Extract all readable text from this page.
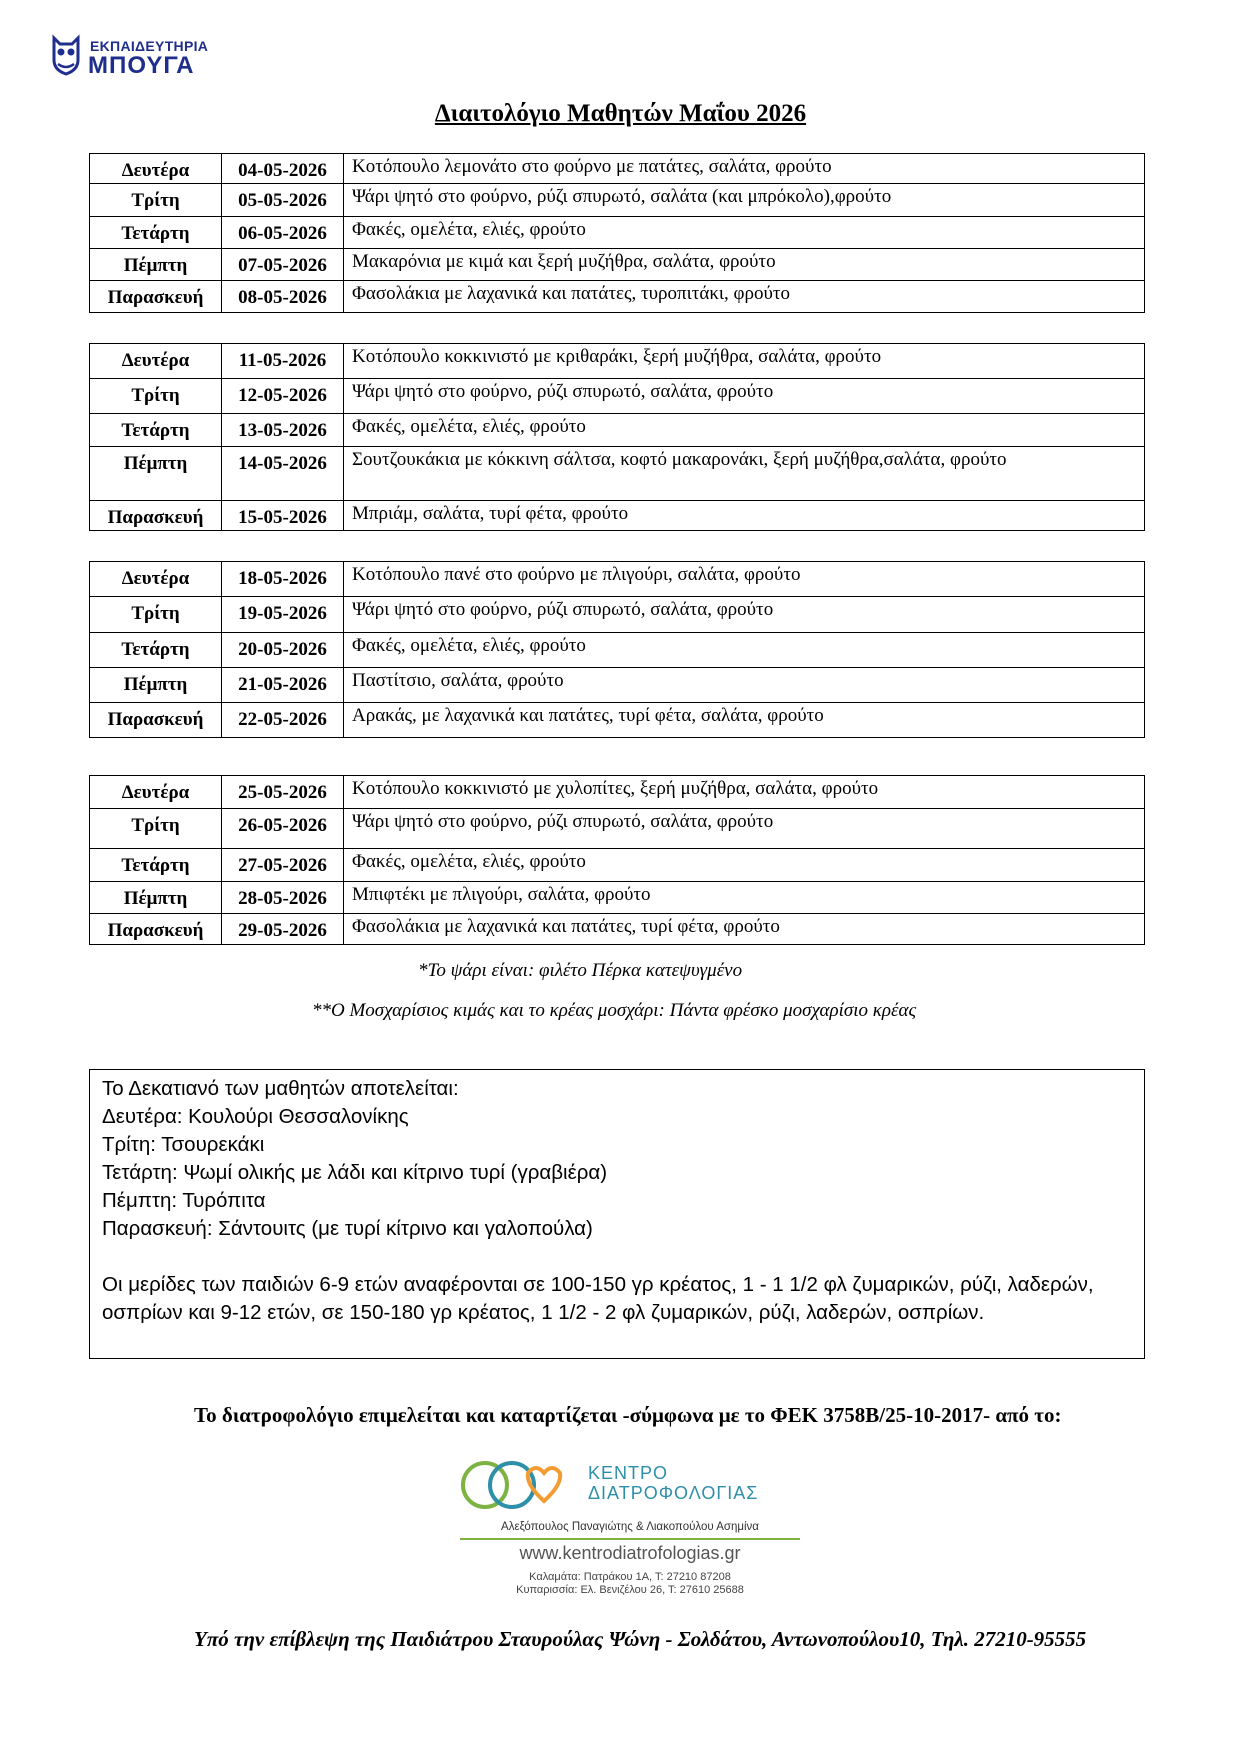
ΕΚΠΑΙΔΕΥΤΗΡΙΑ
ΜΠΟΥΓΑ
Διαιτολόγιο Μαθητών Μαΐου 2026
Δευτέρα	04-05-2026	Κοτόπουλο λεμονάτο στο φούρνο με πατάτες, σαλάτα, φρούτο
Τρίτη	05-05-2026	Ψάρι ψητό στο φούρνο, ρύζι σπυρωτό, σαλάτα (και μπρόκολο),φρούτο
Τετάρτη	06-05-2026	Φακές, ομελέτα, ελιές, φρούτο
Πέμπτη	07-05-2026	Μακαρόνια με κιμά και ξερή μυζήθρα, σαλάτα, φρούτο
Παρασκευή	08-05-2026	Φασολάκια με λαχανικά και πατάτες, τυροπιτάκι, φρούτο
Δευτέρα	11-05-2026	Κοτόπουλο κοκκινιστό με κριθαράκι, ξερή μυζήθρα, σαλάτα, φρούτο
Τρίτη	12-05-2026	Ψάρι ψητό στο φούρνο, ρύζι σπυρωτό, σαλάτα, φρούτο
Τετάρτη	13-05-2026	Φακές, ομελέτα, ελιές, φρούτο
Πέμπτη	14-05-2026	Σουτζουκάκια με κόκκινη σάλτσα, κοφτό μακαρονάκι, ξερή μυζήθρα,σαλάτα, φρούτο
Παρασκευή	15-05-2026	Μπριάμ, σαλάτα, τυρί φέτα, φρούτο
Δευτέρα	18-05-2026	Κοτόπουλο πανέ στο φούρνο με πλιγούρι, σαλάτα, φρούτο
Τρίτη	19-05-2026	Ψάρι ψητό στο φούρνο, ρύζι σπυρωτό, σαλάτα, φρούτο
Τετάρτη	20-05-2026	Φακές, ομελέτα, ελιές, φρούτο
Πέμπτη	21-05-2026	Παστίτσιο, σαλάτα, φρούτο
Παρασκευή	22-05-2026	Αρακάς, με λαχανικά και πατάτες, τυρί φέτα, σαλάτα, φρούτο
Δευτέρα	25-05-2026	Κοτόπουλο κοκκινιστό με χυλοπίτες, ξερή μυζήθρα, σαλάτα, φρούτο
Τρίτη	26-05-2026	Ψάρι ψητό στο φούρνο, ρύζι σπυρωτό, σαλάτα, φρούτο
Τετάρτη	27-05-2026	Φακές, ομελέτα, ελιές, φρούτο
Πέμπτη	28-05-2026	Μπιφτέκι με πλιγούρι, σαλάτα, φρούτο
Παρασκευή	29-05-2026	Φασολάκια με λαχανικά και πατάτες, τυρί φέτα, φρούτο
*Το ψάρι είναι: φιλέτο Πέρκα κατεψυγμένο
**Ο Μοσχαρίσιος κιμάς και το κρέας μοσχάρι: Πάντα φρέσκο μοσχαρίσιο κρέας
Το Δεκατιανό των μαθητών αποτελείται:
Δευτέρα: Κουλούρι Θεσσαλονίκης
Τρίτη: Τσουρεκάκι
Τετάρτη: Ψωμί ολικής με λάδι και κίτρινο τυρί (γραβιέρα)
Πέμπτη: Τυρόπιτα
Παρασκευή: Σάντουιτς (με τυρί κίτρινο και γαλοπούλα)
Οι μερίδες των παιδιών 6-9 ετών αναφέρονται σε 100-150 γρ κρέατος, 1 - 1 1/2 φλ ζυμαρικών, ρύζι, λαδερών, οσπρίων και 9-12 ετών, σε 150-180 γρ κρέατος, 1 1/2 - 2 φλ ζυμαρικών, ρύζι, λαδερών, οσπρίων.
Το διατροφολόγιο επιμελείται και καταρτίζεται -σύμφωνα με το ΦΕΚ 3758Β/25-10-2017- από το:
ΚΕΝΤΡΟ
ΔΙΑΤΡΟΦΟΛΟΓΙΑΣ
Αλεξόπουλος Παναγιώτης & Λιακοπούλου Ασημίνα
www.kentrodiatrofologias.gr
Καλαμάτα: Πατράκου 1Α, Τ: 27210 87208
Κυπαρισσία: Ελ. Βενιζέλου 26, Τ: 27610 25688
Υπό την επίβλεψη της Παιδιάτρου Σταυρούλας Ψώνη - Σολδάτου, Αντωνοπούλου10, Τηλ. 27210-95555
